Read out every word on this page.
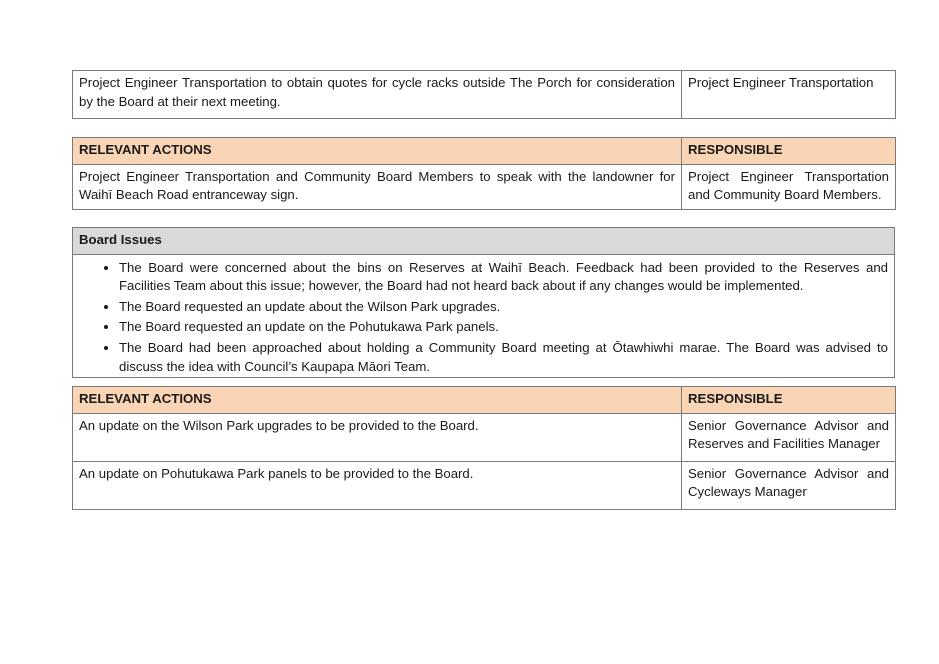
Project Engineer Transportation to obtain quotes for cycle racks outside The Porch for consideration by the Board at their next meeting.	Project Engineer Transportation
RELEVANT ACTIONS	RESPONSIBLE
Project Engineer Transportation and Community Board Members to speak with the landowner for Waihī Beach Road entranceway sign.	Project Engineer Transportation and Community Board Members.
Board Issues

• The Board were concerned about the bins on Reserves at Waihī Beach. Feedback had been provided to the Reserves and Facilities Team about this issue; however, the Board had not heard back about if any changes would be implemented.
• The Board requested an update about the Wilson Park upgrades.
• The Board requested an update on the Pohutukawa Park panels.
• The Board had been approached about holding a Community Board meeting at Ōtawhiwhi marae. The Board was advised to discuss the idea with Council’s Kaupapa Māori Team.
RELEVANT ACTIONS	RESPONSIBLE
An update on the Wilson Park upgrades to be provided to the Board.	Senior Governance Advisor and Reserves and Facilities Manager
An update on Pohutukawa Park panels to be provided to the Board.	Senior Governance Advisor and Cycleways Manager
